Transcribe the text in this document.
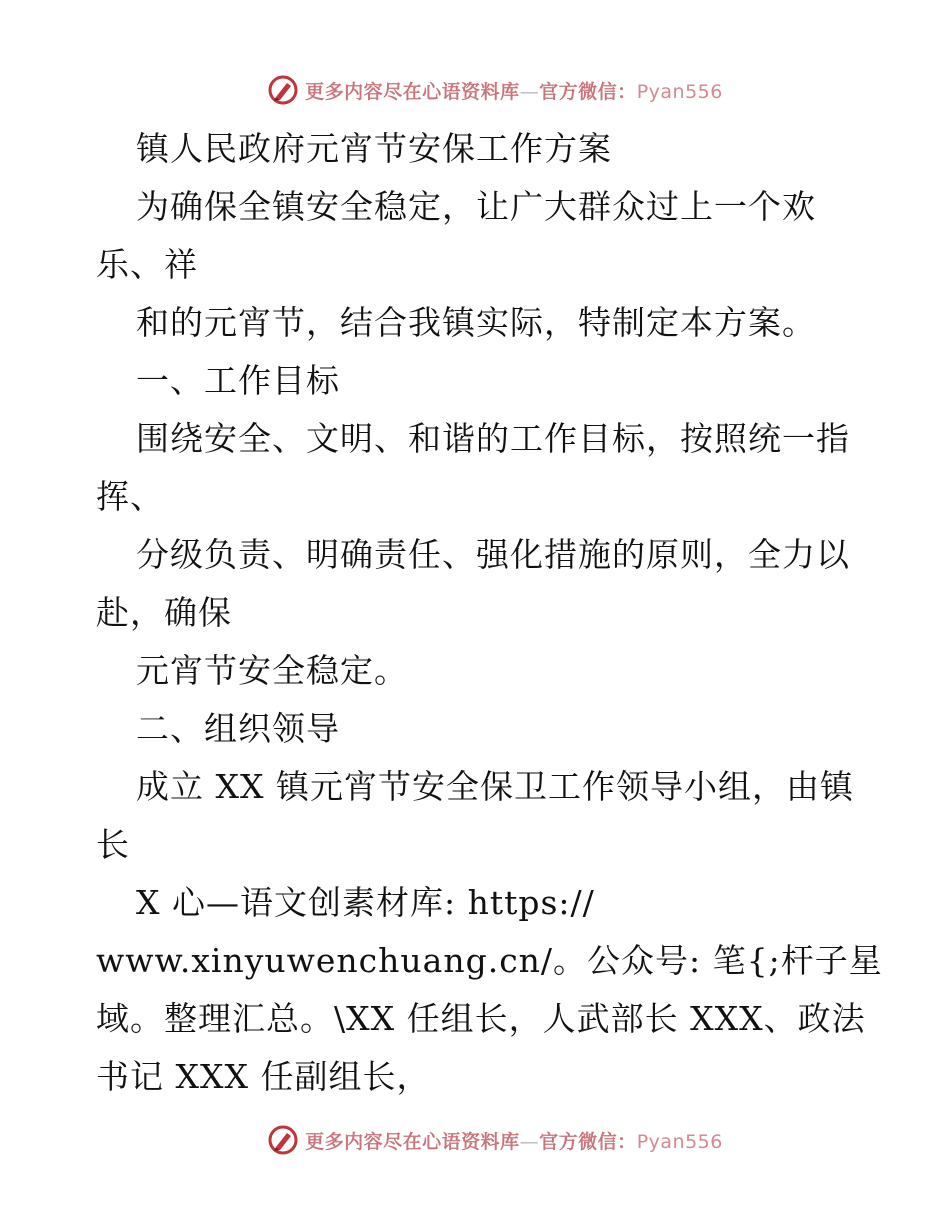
更多内容尽在心语资料库—官方微信：Pyan556
镇人民政府元宵节安保工作方案
为确保全镇安全稳定，让广大群众过上一个欢
乐、祥
和的元宵节，结合我镇实际，特制定本方案。
一、工作目标
围绕安全、文明、和谐的工作目标，按照统一指
挥、
分级负责、明确责任、强化措施的原则，全力以
赴，确保
元宵节安全稳定。
二、组织领导
成立 XX 镇元宵节安全保卫工作领导小组，由镇
长
X 心—语文创素材库: https://
www.xinyuwenchuang.cn/。公众号: 笔{;杆子星
域。整理汇总。\XX 任组长，人武部长 XXX、政法
书记 XXX 任副组长，
更多内容尽在心语资料库—官方微信：Pyan556
